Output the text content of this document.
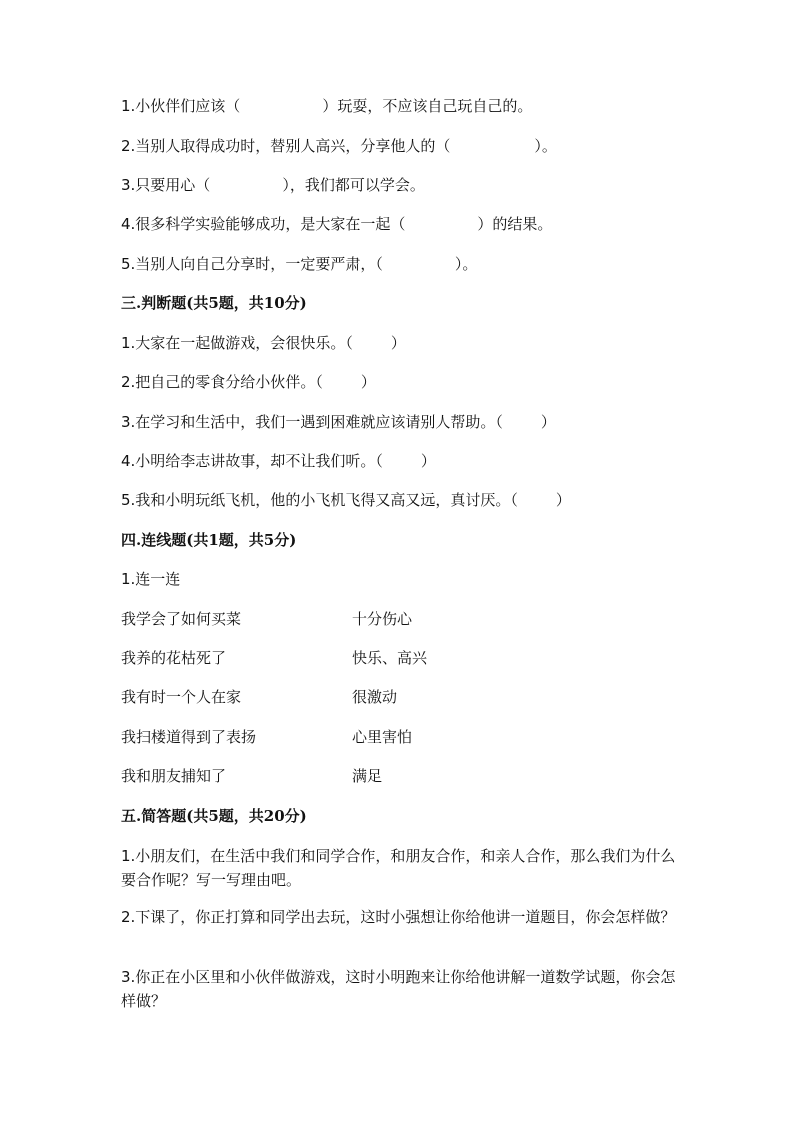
1.小伙伴们应该（	）玩耍，不应该自己玩自己的。
2.当别人取得成功时，替别人高兴，分享他人的（	）。
3.只要用心（	），我们都可以学会。
4.很多科学实验能够成功，是大家在一起（	）的结果。
5.当别人向自己分享时，一定要严肃，（	）。
三.判断题(共5题，共10分)
1.大家在一起做游戏，会很快乐。（	）
2.把自己的零食分给小伙伴。（	）
3.在学习和生活中，我们一遇到困难就应该请别人帮助。（	）
4.小明给李志讲故事，却不让我们听。（	）
5.我和小明玩纸飞机，他的小飞机飞得又高又远，真讨厌。（	）
四.连线题(共1题，共5分)
1.连一连
我学会了如何买菜	十分伤心
我养的花枯死了	快乐、高兴
我有时一个人在家	很激动
我扫楼道得到了表扬	心里害怕
我和朋友捕知了	满足
五.简答题(共5题，共20分)
1.小朋友们，在生活中我们和同学合作，和朋友合作，和亲人合作，那么我们为什么要合作呢？写一写理由吧。
2.下课了，你正打算和同学出去玩，这时小强想让你给他讲一道题目，你会怎样做？
3.你正在小区里和小伙伴做游戏，这时小明跑来让你给他讲解一道数学试题，你会怎样做？
